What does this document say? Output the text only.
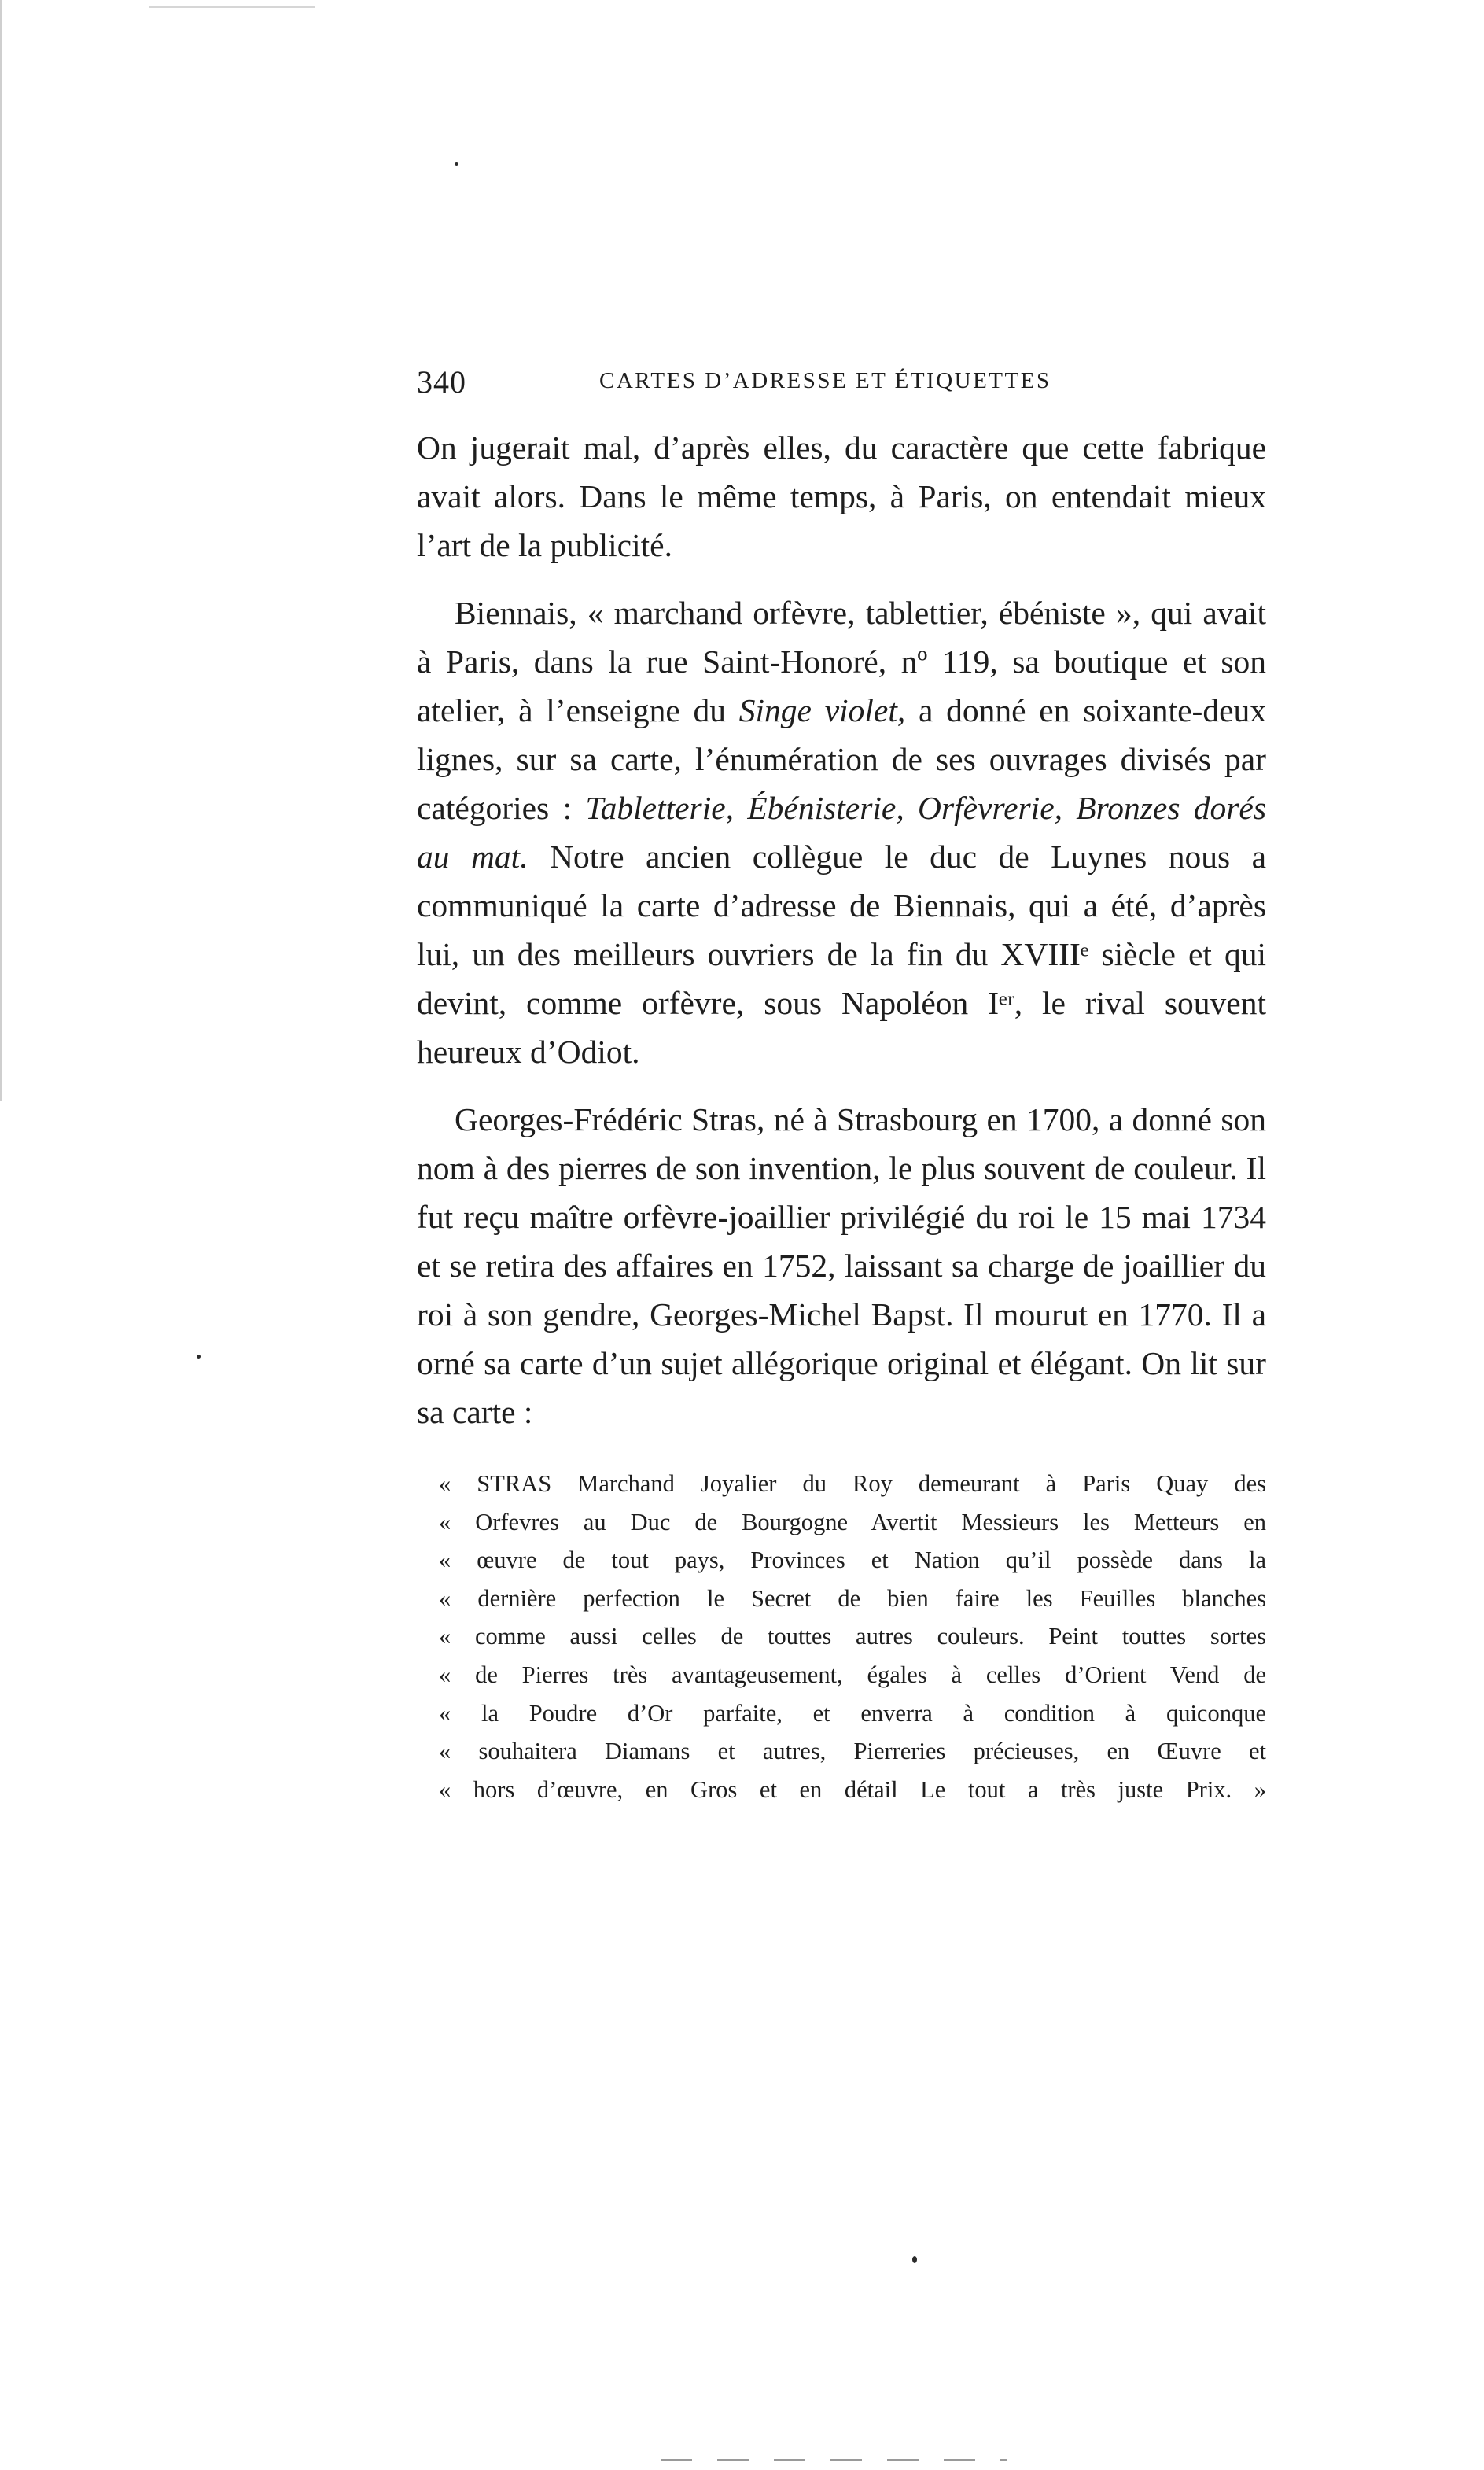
340	CARTES D’ADRESSE ET ÉTIQUETTES

On jugerait mal, d’après elles, du caractère que cette fabrique avait alors. Dans le même temps, à Paris, on entendait mieux l’art de la publicité.

Biennais, « marchand orfèvre, tablettier, ébéniste », qui avait à Paris, dans la rue Saint-Honoré, nº 119, sa boutique et son atelier, à l’enseigne du Singe violet, a donné en soixante-deux lignes, sur sa carte, l’énumération de ses ouvrages divisés par catégories : Tabletterie, Ébénisterie, Orfèvrerie, Bronzes dorés au mat. Notre ancien collègue le duc de Luynes nous a communiqué la carte d’adresse de Biennais, qui a été, d’après lui, un des meilleurs ouvriers de la fin du XVIIIᵉ siècle et qui devint, comme orfèvre, sous Napoléon Iᵉʳ, le rival souvent heureux d’Odiot.

Georges-Frédéric Stras, né à Strasbourg en 1700, a donné son nom à des pierres de son invention, le plus souvent de couleur. Il fut reçu maître orfèvre-joaillier privilégié du roi le 15 mai 1734 et se retira des affaires en 1752, laissant sa charge de joaillier du roi à son gendre, Georges-Michel Bapst. Il mourut en 1770. Il a orné sa carte d’un sujet allégorique original et élégant. On lit sur sa carte :

« STRAS Marchand Joyalier du Roy demeurant à Paris Quay des
« Orfevres au Duc de Bourgogne Avertit Messieurs les Metteurs en
« œuvre de tout pays, Provinces et Nation qu’il possède dans la
« dernière perfection le Secret de bien faire les Feuilles blanches
« comme aussi celles de touttes autres couleurs. Peint touttes sortes
« de Pierres très avantageusement, égales à celles d’Orient Vend de
« la Poudre d’Or parfaite, et enverra à condition à quiconque
« souhaitera Diamans et autres, Pierreries précieuses, en Œuvre et
« hors d’œuvre, en Gros et en détail Le tout a très juste Prix. »
